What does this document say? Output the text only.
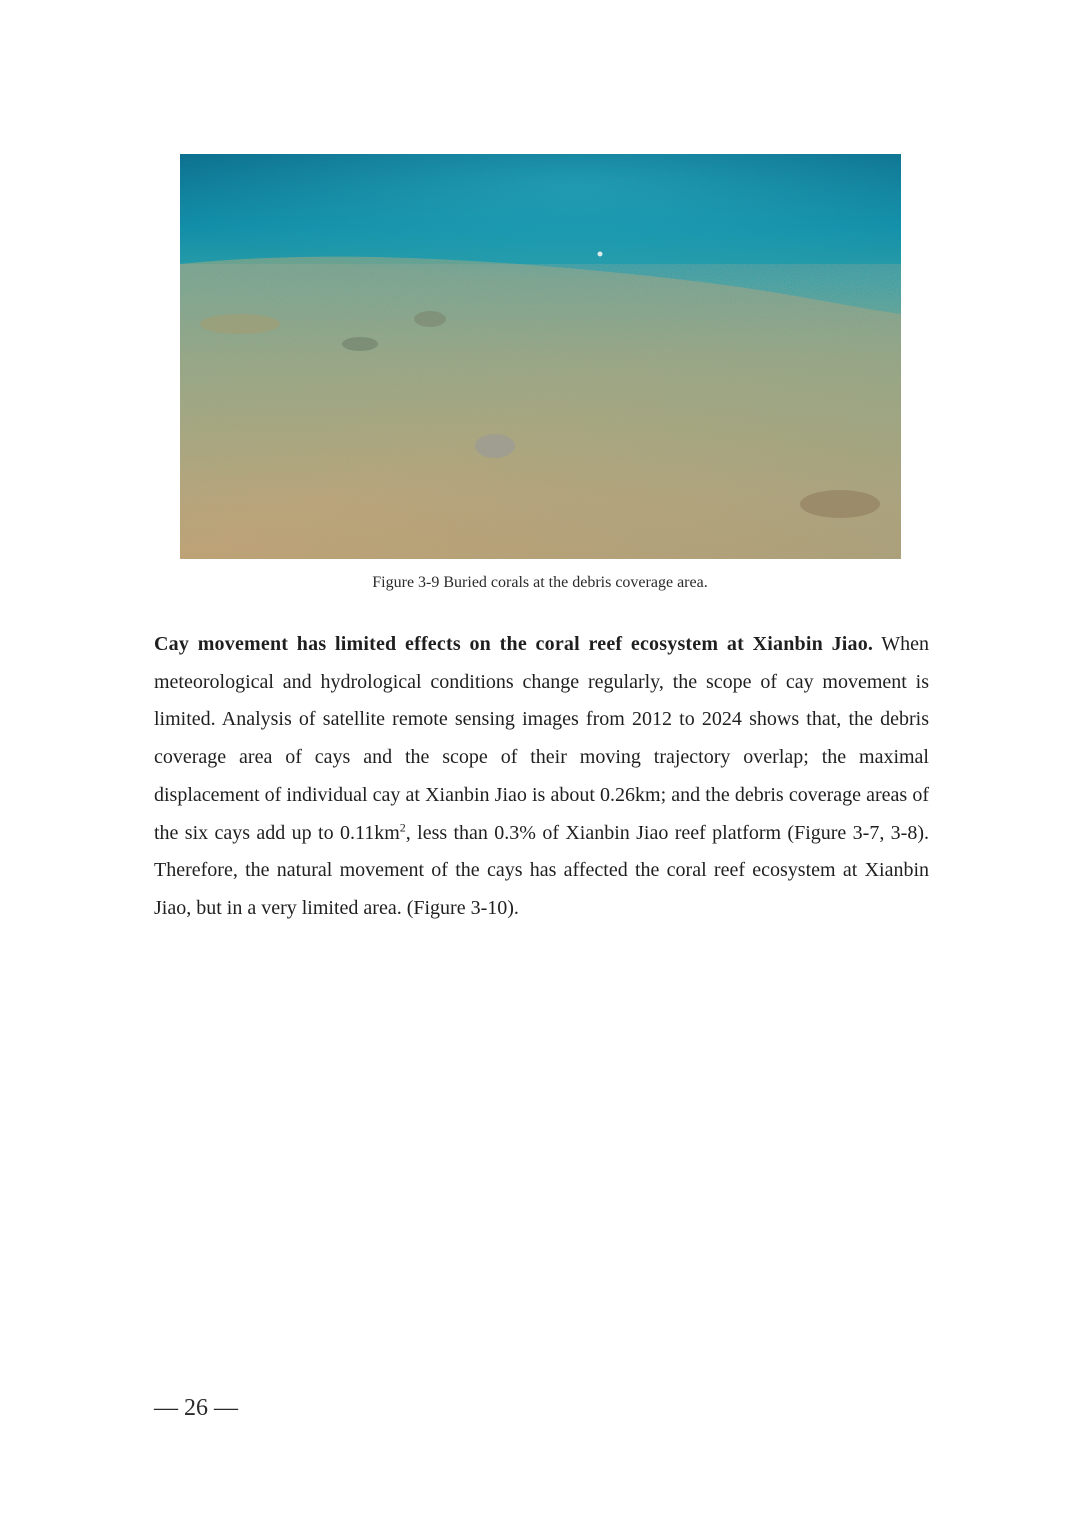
Figure 3-9 Buried corals at the debris coverage area.
Cay movement has limited effects on the coral reef ecosystem at Xianbin Jiao. When meteorological and hydrological conditions change regularly, the scope of cay movement is limited. Analysis of satellite remote sensing images from 2012 to 2024 shows that, the debris coverage area of cays and the scope of their moving trajectory overlap; the maximal displacement of individual cay at Xianbin Jiao is about 0.26km; and the debris coverage areas of the six cays add up to $0.11km^2$, less than 0.3% of Xianbin Jiao reef platform (Figure 3-7, 3-8). Therefore, the natural movement of the cays has affected the coral reef ecosystem at Xianbin Jiao, but in a very limited area. (Figure 3-10).
— 26 —
